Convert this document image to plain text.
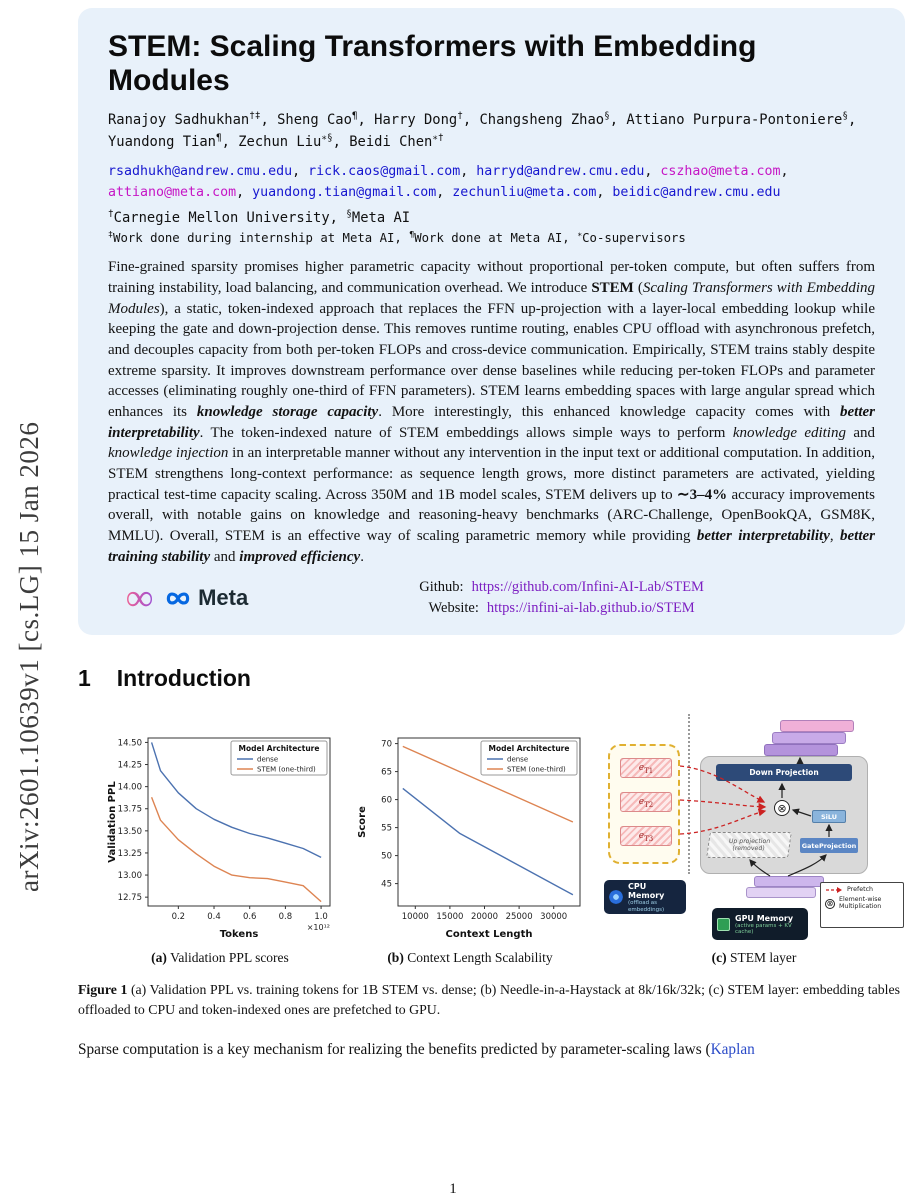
arXiv:2601.10639v1 [cs.LG] 15 Jan 2026
STEM: Scaling Transformers with Embedding Modules
Ranajoy Sadhukhan†‡, Sheng Cao¶, Harry Dong†, Changsheng Zhao§, Attiano Purpura-Pontoniere§, Yuandong Tian¶, Zechun Liu∗§, Beidi Chen∗†
rsadhukh@andrew.cmu.edu, rick.caos@gmail.com, harryd@andrew.cmu.edu, cszhao@meta.com, attiano@meta.com, yuandong.tian@gmail.com, zechunliu@meta.com, beidic@andrew.cmu.edu
†Carnegie Mellon University, §Meta AI
‡Work done during internship at Meta AI, ¶Work done at Meta AI, ∗Co-supervisors
Fine-grained sparsity promises higher parametric capacity without proportional per-token compute, but often suffers from training instability, load balancing, and communication overhead. We introduce STEM (Scaling Transformers with Embedding Modules), a static, token-indexed approach that replaces the FFN up-projection with a layer-local embedding lookup while keeping the gate and down-projection dense. This removes runtime routing, enables CPU offload with asynchronous prefetch, and decouples capacity from both per-token FLOPs and cross-device communication. Empirically, STEM trains stably despite extreme sparsity. It improves downstream performance over dense baselines while reducing per-token FLOPs and parameter accesses (eliminating roughly one-third of FFN parameters). STEM learns embedding spaces with large angular spread which enhances its knowledge storage capacity. More interestingly, this enhanced knowledge capacity comes with better interpretability. The token-indexed nature of STEM embeddings allows simple ways to perform knowledge editing and knowledge injection in an interpretable manner without any intervention in the input text or additional computation. In addition, STEM strengthens long-context performance: as sequence length grows, more distinct parameters are activated, yielding practical test-time capacity scaling. Across 350M and 1B model scales, STEM delivers up to ∼3–4% accuracy improvements overall, with notable gains on knowledge and reasoning-heavy benchmarks (ARC-Challenge, OpenBookQA, GSM8K, MMLU). Overall, STEM is an effective way of scaling parametric memory while providing better interpretability, better training stability and improved efficiency.
∞ Meta	Github: https://github.com/Infini-AI-Lab/STEM
Website: https://infini-ai-lab.github.io/STEM
1 Introduction
12.75
13.00
13.25
13.50
13.75
14.00
14.25
14.50
0.2	0.4	0.6	0.8	1.0
Tokens
Validation PPL
×10¹²
Model Architecture
dense
STEM (one-third)
45
50
55
60
65
70
10000 15000 20000 25000 30000
Context Length
Score
Model Architecture
dense
STEM (one-third)	$e_{T1}$
$e_{T2}$
$e_{T3}$
CPU Memory
(offload as embeddings)
Down Projection
⊗
SiLU
GateProjection
Up projection (removed)
GPU Memory
(active params + KV cache)
Prefetch
⊗ Element-wise Multiplication
(a) Validation PPL scores	(b) Context Length Scalability	(c) STEM layer
Figure 1 (a) Validation PPL vs. training tokens for 1B STEM vs. dense; (b) Needle-in-a-Haystack at 8k/16k/32k; (c) STEM layer: embedding tables offloaded to CPU and token-indexed ones are prefetched to GPU.
Sparse computation is a key mechanism for realizing the benefits predicted by parameter-scaling laws (Kaplan
1
